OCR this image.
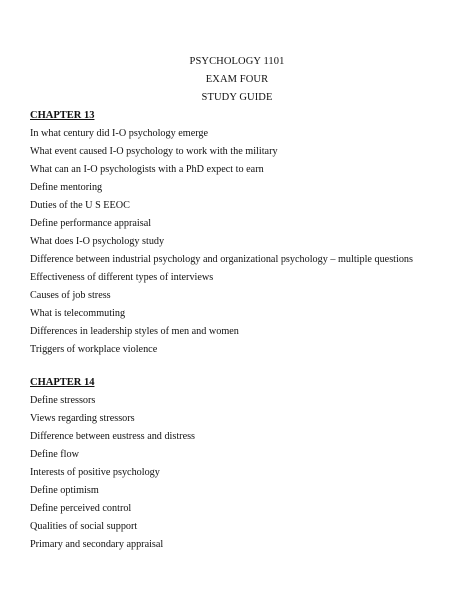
PSYCHOLOGY 1101
EXAM FOUR
STUDY GUIDE
CHAPTER 13
In what century did I-O psychology emerge
What event caused I-O psychology to work with the military
What can an I-O psychologists with a PhD expect to earn
Define mentoring
Duties of the U S EEOC
Define performance appraisal
What does I-O psychology study
Difference between industrial psychology and organizational psychology – multiple questions
Effectiveness of different types of interviews
Causes of job stress
What is telecommuting
Differences in leadership styles of men and women
Triggers of workplace violence
CHAPTER 14
Define stressors
Views regarding stressors
Difference between eustress and distress
Define flow
Interests of positive psychology
Define optimism
Define perceived control
Qualities of social support
Primary and secondary appraisal
